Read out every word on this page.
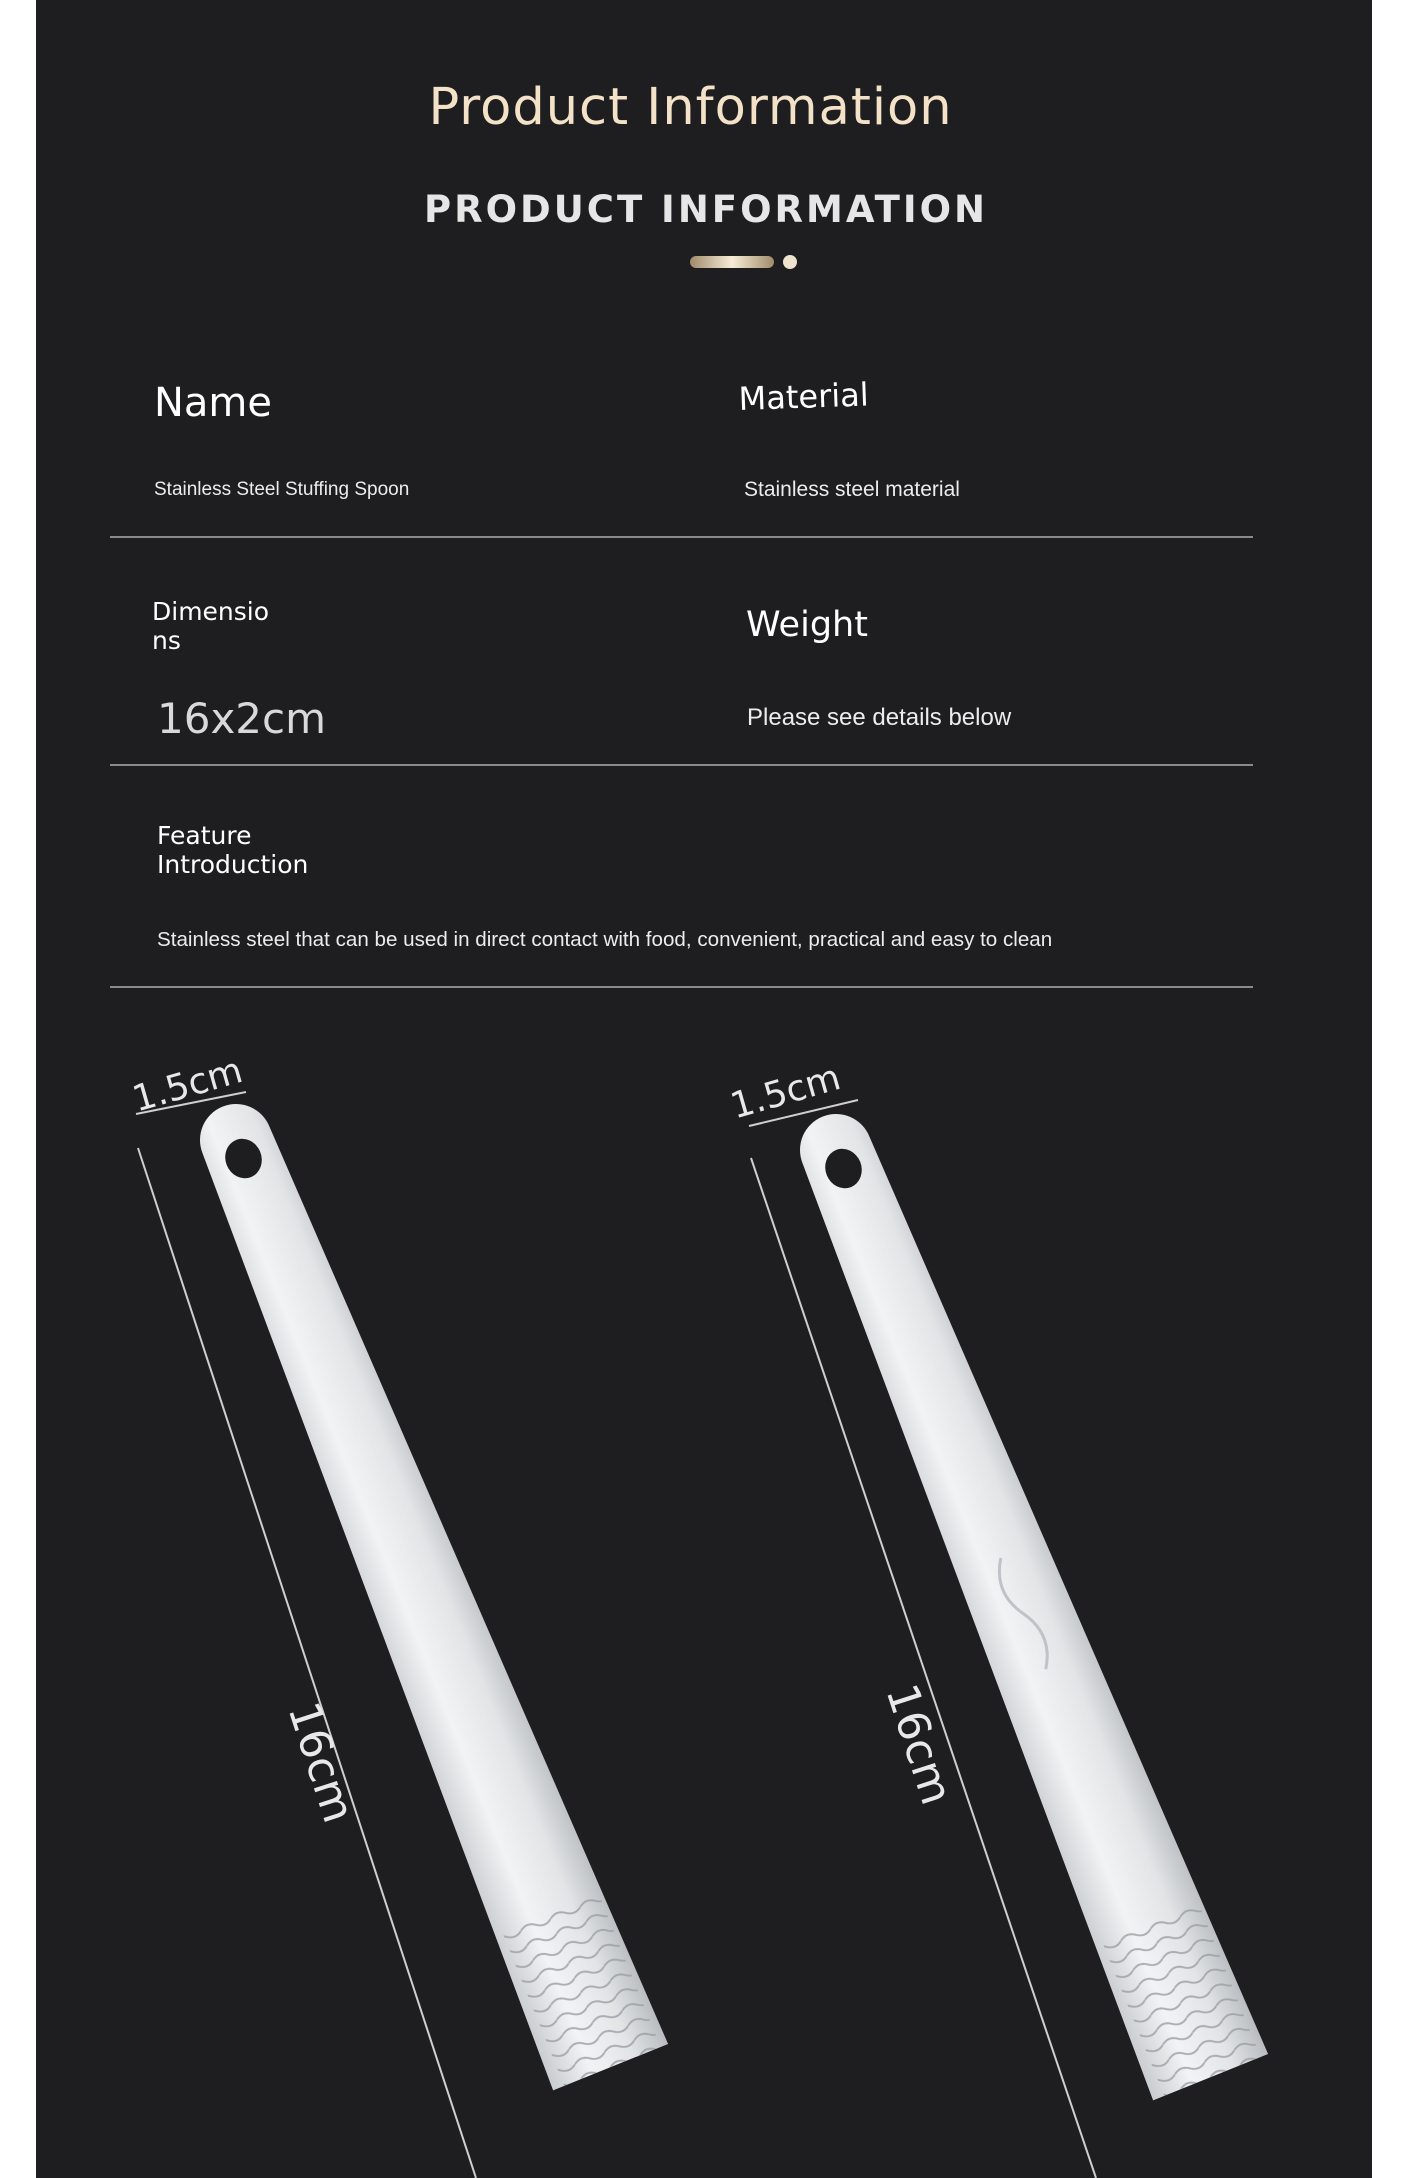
Product Information
PRODUCT INFORMATION
Name	Material
Stainless Steel Stuffing Spoon	Stainless steel material
Dimensio
ns	Weight
16x2cm	Please see details below
Feature
Introduction
Stainless steel that can be used in direct contact with food, convenient, practical and easy to clean
1.5cm
16cm
1.5cm
16cm
